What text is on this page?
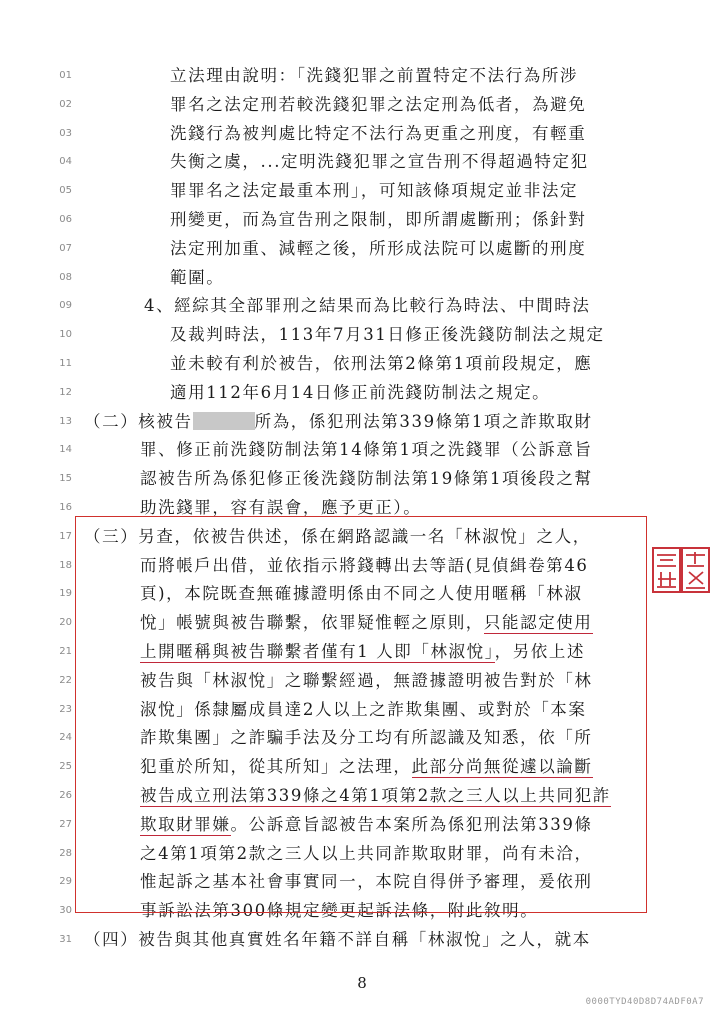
01
02
03
04
05
06
07
08
09
10
11
12
13
14
15
16
17
18
19
20
21
22
23
24
25
26
27
28
29
30
31
立法理由說明：「洗錢犯罪之前置特定不法行為所涉
罪名之法定刑若較洗錢犯罪之法定刑為低者，為避免
洗錢行為被判處比特定不法行為更重之刑度，有輕重
失衡之虞，...定明洗錢犯罪之宣告刑不得超過特定犯
罪罪名之法定最重本刑」，可知該條項規定並非法定
刑變更，而為宣告刑之限制，即所謂處斷刑；係針對
法定刑加重、減輕之後，所形成法院可以處斷的刑度
範圍。
4、經綜其全部罪刑之結果而為比較行為時法、中間時法
及裁判時法，113年7月31日修正後洗錢防制法之規定
並未較有利於被告，依刑法第2條第1項前段規定，應
適用112年6月14日修正前洗錢防制法之規定。
（二）核被告	所為，係犯刑法第339條第1項之詐欺取財
罪、修正前洗錢防制法第14條第1項之洗錢罪（公訴意旨
認被告所為係犯修正後洗錢防制法第19條第1項後段之幫
助洗錢罪，容有誤會，應予更正）。
（三）另查，依被告供述，係在網路認識一名「林淑悅」之人，
而將帳戶出借，並依指示將錢轉出去等語(見偵緝卷第46
頁)，本院既查無確據證明係由不同之人使用暱稱「林淑
悅」帳號與被告聯繫，依罪疑惟輕之原則，只能認定使用
上開暱稱與被告聯繫者僅有1 人即「林淑悅」，另依上述
被告與「林淑悅」之聯繫經過，無證據證明被告對於「林
淑悅」係隸屬成員達2人以上之詐欺集團、或對於「本案
詐欺集團」之詐騙手法及分工均有所認識及知悉，依「所
犯重於所知，從其所知」之法理，此部分尚無從遽以論斷
被告成立刑法第339條之4第1項第2款之三人以上共同犯詐
欺取財罪嫌。公訴意旨認被告本案所為係犯刑法第339條
之4第1項第2款之三人以上共同詐欺取財罪，尚有未洽，
惟起訴之基本社會事實同一，本院自得併予審理，爰依刑
事訴訟法第300條規定變更起訴法條，附此敘明。
（四）被告與其他真實姓名年籍不詳自稱「林淑悅」之人，就本
8
0000TYD40D8D74ADF0A7
